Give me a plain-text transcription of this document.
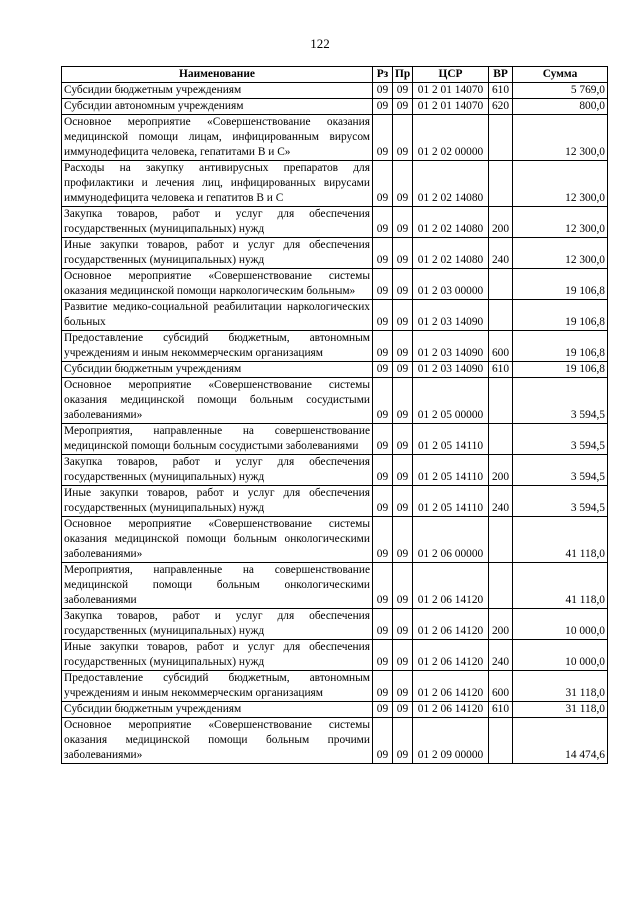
122
Наименование	Рз	Пр	ЦСР	ВР	Сумма
Субсидии бюджетным учреждениям	09	09	01 2 01 14070	610	5 769,0
Субсидии автономным учреждениям	09	09	01 2 01 14070	620	800,0
Основное мероприятие «Совершенствование оказания медицинской помощи лицам, инфицированным вирусом иммунодефицита человека, гепатитами В и С»	09	09	01 2 02 00000		12 300,0
Расходы на закупку антивирусных препаратов для профилактики и лечения лиц, инфицированных вирусами иммунодефицита человека и гепатитов В и С	09	09	01 2 02 14080		12 300,0
Закупка товаров, работ и услуг для обеспечения государственных (муниципальных) нужд	09	09	01 2 02 14080	200	12 300,0
Иные закупки товаров, работ и услуг для обеспечения государственных (муниципальных) нужд	09	09	01 2 02 14080	240	12 300,0
Основное мероприятие «Совершенствование системы оказания медицинской помощи наркологическим больным»	09	09	01 2 03 00000		19 106,8
Развитие медико-социальной реабилитации наркологических больных	09	09	01 2 03 14090		19 106,8
Предоставление субсидий бюджетным, автономным учреждениям и иным некоммерческим организациям	09	09	01 2 03 14090	600	19 106,8
Субсидии бюджетным учреждениям	09	09	01 2 03 14090	610	19 106,8
Основное мероприятие «Совершенствование системы оказания медицинской помощи больным сосудистыми заболеваниями»	09	09	01 2 05 00000		3 594,5
Мероприятия, направленные на совершенствование медицинской помощи больным сосудистыми заболеваниями	09	09	01 2 05 14110		3 594,5
Закупка товаров, работ и услуг для обеспечения государственных (муниципальных) нужд	09	09	01 2 05 14110	200	3 594,5
Иные закупки товаров, работ и услуг для обеспечения государственных (муниципальных) нужд	09	09	01 2 05 14110	240	3 594,5
Основное мероприятие «Совершенствование системы оказания медицинской помощи больным онкологическими заболеваниями»	09	09	01 2 06 00000		41 118,0
Мероприятия, направленные на совершенствование медицинской помощи больным онкологическими заболеваниями	09	09	01 2 06 14120		41 118,0
Закупка товаров, работ и услуг для обеспечения государственных (муниципальных) нужд	09	09	01 2 06 14120	200	10 000,0
Иные закупки товаров, работ и услуг для обеспечения государственных (муниципальных) нужд	09	09	01 2 06 14120	240	10 000,0
Предоставление субсидий бюджетным, автономным учреждениям и иным некоммерческим организациям	09	09	01 2 06 14120	600	31 118,0
Субсидии бюджетным учреждениям	09	09	01 2 06 14120	610	31 118,0
Основное мероприятие «Совершенствование системы оказания медицинской помощи больным прочими заболеваниями»	09	09	01 2 09 00000		14 474,6
